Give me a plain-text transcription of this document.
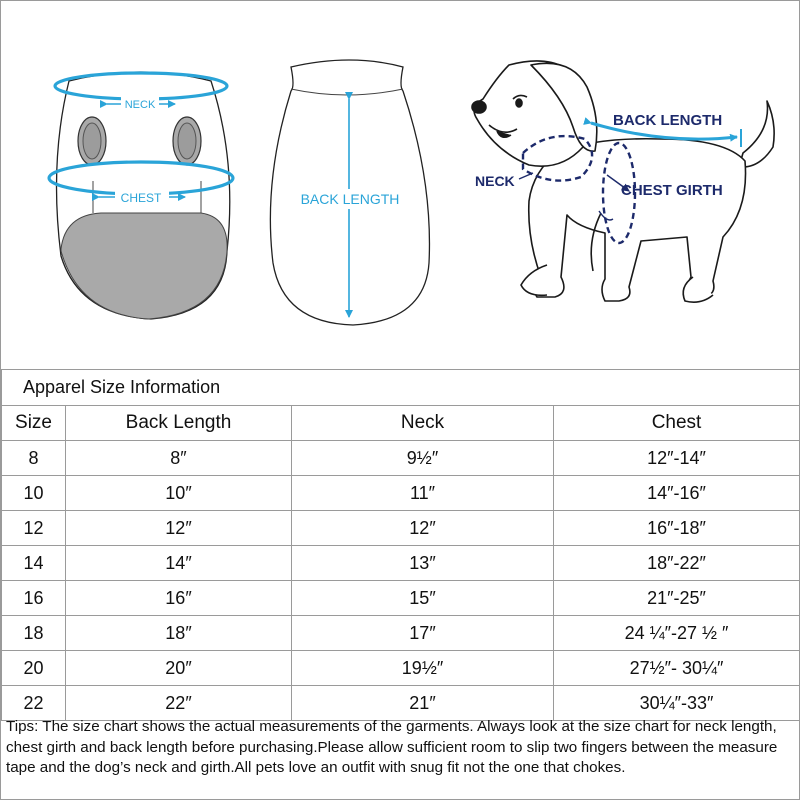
NECK
CHEST	BACK LENGTH
BACK LENGTH
NECK
CHEST GIRTH
Apparel Size Information			
Size	Back Length	Neck	Chest
8	8″	9½″	12″-14″
10	10″	11″	14″-16″
12	12″	12″	16″-18″
14	14″	13″	18″-22″
16	16″	15″	21″-25″
18	18″	17″	24 ¼″-27 ½ ″
20	20″	19½″	27½″- 30¼″
22	22″	21″	30¼″-33″
Tips: The size chart shows the actual measurements of the garments. Always look at the size chart for neck length, chest girth and back length before purchasing.Please allow sufficient room to slip two fingers between the measure tape and the dog’s neck and girth.All pets love an outfit with snug fit not the one that chokes.
